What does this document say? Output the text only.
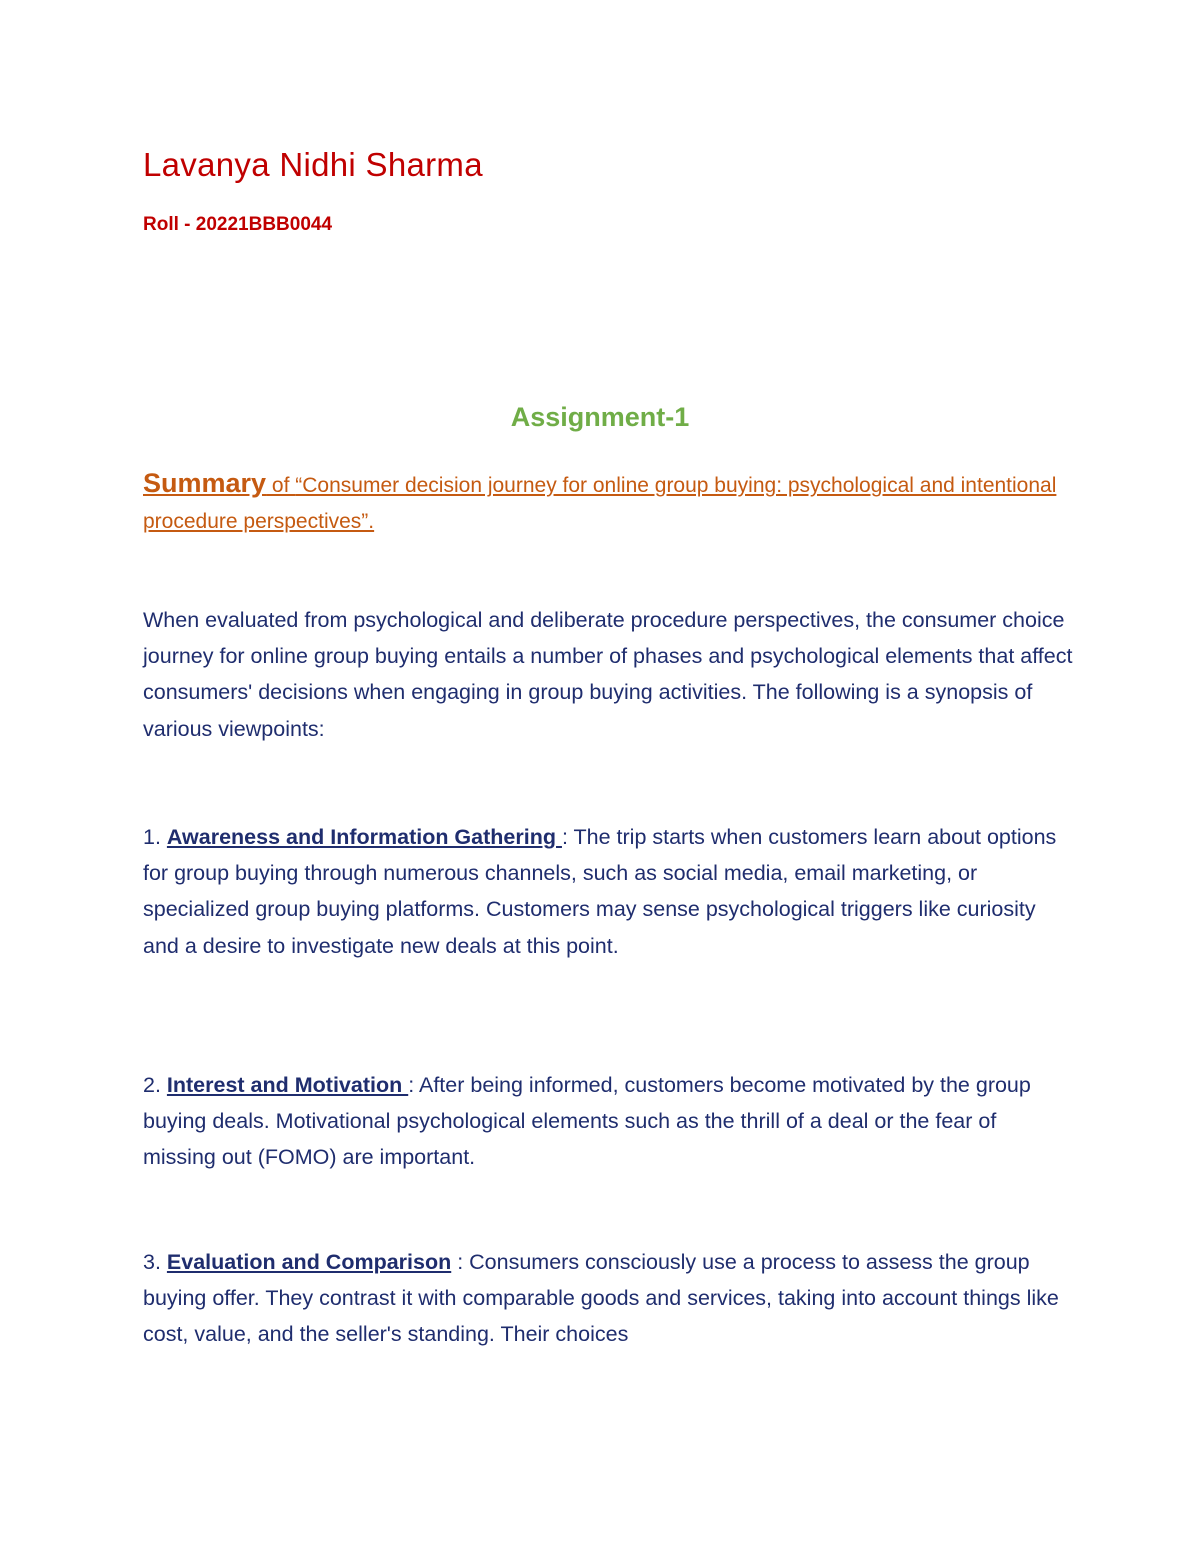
Lavanya Nidhi Sharma

Roll - 20221BBB0044

Assignment-1

Summary of “Consumer decision journey for online group buying: psychological and intentional procedure perspectives”.

When evaluated from psychological and deliberate procedure perspectives, the consumer choice journey for online group buying entails a number of phases and psychological elements that affect consumers' decisions when engaging in group buying activities. The following is a synopsis of various viewpoints:

1. Awareness and Information Gathering : The trip starts when customers learn about options for group buying through numerous channels, such as social media, email marketing, or specialized group buying platforms. Customers may sense psychological triggers like curiosity and a desire to investigate new deals at this point.

2. Interest and Motivation : After being informed, customers become motivated by the group buying deals. Motivational psychological elements such as the thrill of a deal or the fear of missing out (FOMO) are important.

3. Evaluation and Comparison : Consumers consciously use a process to assess the group buying offer. They contrast it with comparable goods and services, taking into account things like cost, value, and the seller's standing. Their choices
